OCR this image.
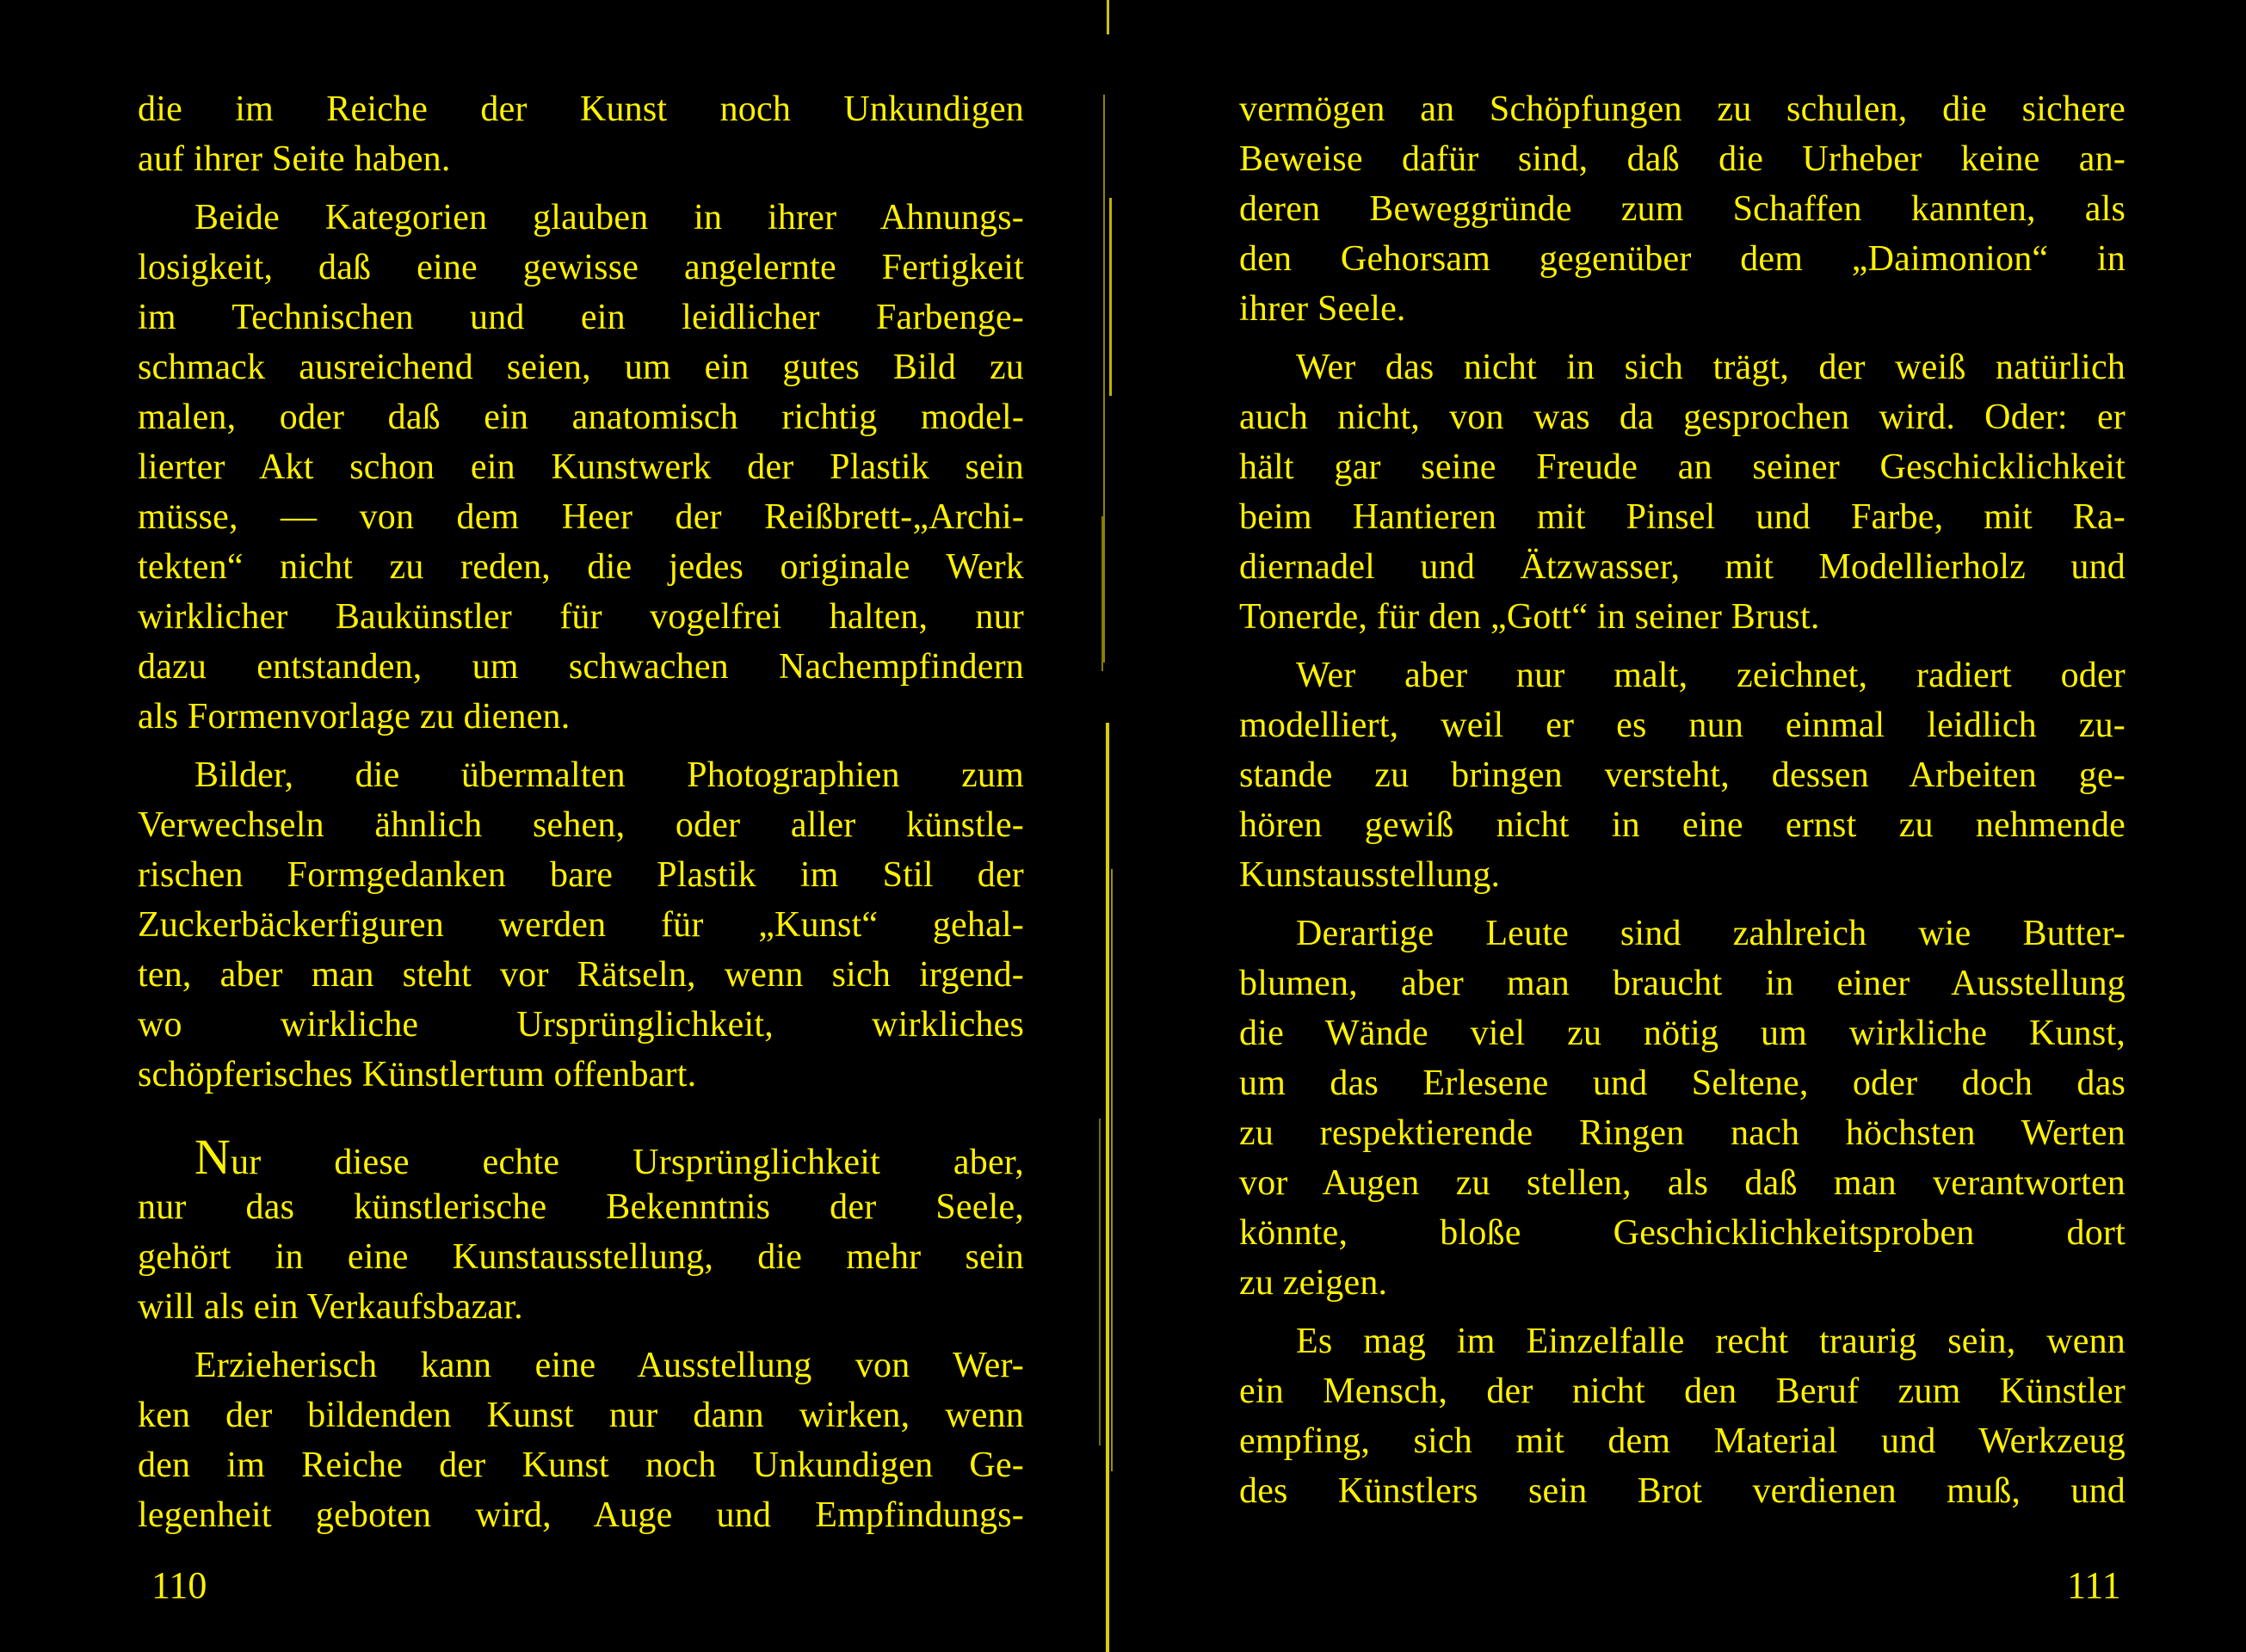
die im Reiche der Kunst noch Unkundigen
auf ihrer Seite haben.
Beide Kategorien glauben in ihrer Ahnungs-
losigkeit, daß eine gewisse angelernte Fertigkeit
im Technischen und ein leidlicher Farbenge-
schmack ausreichend seien, um ein gutes Bild zu
malen, oder daß ein anatomisch richtig model-
lierter Akt schon ein Kunstwerk der Plastik sein
müsse, — von dem Heer der Reißbrett-„Archi-
tekten“ nicht zu reden, die jedes originale Werk
wirklicher Baukünstler für vogelfrei halten, nur
dazu entstanden, um schwachen Nachempfindern
als Formenvorlage zu dienen.
Bilder, die übermalten Photographien zum
Verwechseln ähnlich sehen, oder aller künstle-
rischen Formgedanken bare Plastik im Stil der
Zuckerbäckerfiguren werden für „Kunst“ gehal-
ten, aber man steht vor Rätseln, wenn sich irgend-
wo wirkliche Ursprünglichkeit, wirkliches
schöpferisches Künstlertum offenbart.
Nur diese echte Ursprünglichkeit aber,
nur das künstlerische Bekenntnis der Seele,
gehört in eine Kunstausstellung, die mehr sein
will als ein Verkaufsbazar.
Erzieherisch kann eine Ausstellung von Wer-
ken der bildenden Kunst nur dann wirken, wenn
den im Reiche der Kunst noch Unkundigen Ge-
legenheit geboten wird, Auge und Empfindungs-
vermögen an Schöpfungen zu schulen, die sichere
Beweise dafür sind, daß die Urheber keine an-
deren Beweggründe zum Schaffen kannten, als
den Gehorsam gegenüber dem „Daimonion“ in
ihrer Seele.
Wer das nicht in sich trägt, der weiß natürlich
auch nicht, von was da gesprochen wird. Oder: er
hält gar seine Freude an seiner Geschicklichkeit
beim Hantieren mit Pinsel und Farbe, mit Ra-
diernadel und Ätzwasser, mit Modellierholz und
Tonerde, für den „Gott“ in seiner Brust.
Wer aber nur malt, zeichnet, radiert oder
modelliert, weil er es nun einmal leidlich zu-
stande zu bringen versteht, dessen Arbeiten ge-
hören gewiß nicht in eine ernst zu nehmende
Kunstausstellung.
Derartige Leute sind zahlreich wie Butter-
blumen, aber man braucht in einer Ausstellung
die Wände viel zu nötig um wirkliche Kunst,
um das Erlesene und Seltene, oder doch das
zu respektierende Ringen nach höchsten Werten
vor Augen zu stellen, als daß man verantworten
könnte, bloße Geschicklichkeitsproben dort
zu zeigen.
Es mag im Einzelfalle recht traurig sein, wenn
ein Mensch, der nicht den Beruf zum Künstler
empfing, sich mit dem Material und Werkzeug
des Künstlers sein Brot verdienen muß, und
110	111
